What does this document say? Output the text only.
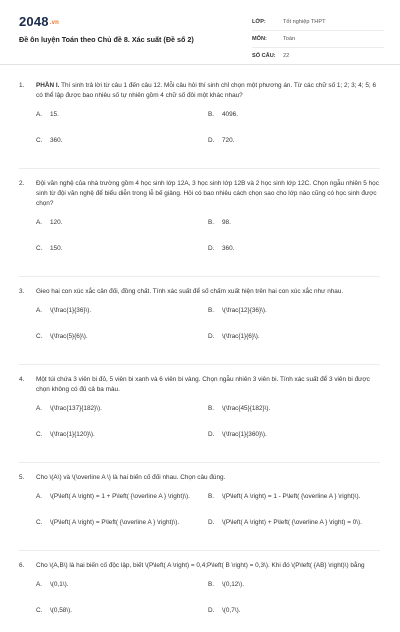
2048.vn
Đề ôn luyện Toán theo Chủ đề 8. Xác suất (Đề số 2)
LỚP:	Tốt nghiệp THPT
MÔN:	Toán
SỐ CÂU:	22
1.	PHẦN I. Thí sinh trả lời từ câu 1 đến câu 12. Mỗi câu hỏi thí sinh chỉ chọn một phương án. Từ các chữ số 1; 2; 3; 4; 5; 6 có thể lập được bao nhiêu số tự nhiên gồm 4 chữ số đôi một khác nhau?
A.	15.	B.	4096.
C.	360.	D.	720.
2.	Đội văn nghệ của nhà trường gồm 4 học sinh lớp 12A, 3 học sinh lớp 12B và 2 học sinh lớp 12C. Chọn ngẫu nhiên 5 học sinh từ đội văn nghệ để biểu diễn trong lễ bế giảng. Hỏi có bao nhiêu cách chọn sao cho lớp nào cũng có học sinh được chọn?
A.	120.	B.	98.
C.	150.	D.	360.
3.	Gieo hai con xúc xắc cân đối, đồng chất. Tính xác suất để số chấm xuất hiện trên hai con xúc xắc như nhau.
A.	\(\frac{1}{36}\).	B.	\(\frac{12}{36}\).
C.	\(\frac{5}{6}\).	D.	\(\frac{1}{6}\).
4.	Một túi chứa 3 viên bi đỏ, 5 viên bi xanh và 6 viên bi vàng. Chọn ngẫu nhiên 3 viên bi. Tính xác suất để 3 viên bi được chọn không có đủ cả ba màu.
A.	\(\frac{137}{182}\).	B.	\(\frac{45}{182}\).
C.	\(\frac{1}{120}\).	D.	\(\frac{1}{360}\).
5.	Cho \(A\) và \(\overline A \) là hai biến cố đối nhau. Chọn câu đúng.
A.	\(P\left( A \right) = 1 + P\left( {\overline A } \right)\).	B.	\(P\left( A \right) = 1 - P\left( {\overline A } \right)\).
C.	\(P\left( A \right) = P\left( {\overline A } \right)\).	D.	\(P\left( A \right) + P\left( {\overline A } \right) = 0\).
6.	Cho \(A,B\) là hai biến cố độc lập, biết \(P\left( A \right) = 0,4;P\left( B \right) = 0,3\). Khi đó \(P\left( {AB} \right)\) bằng
A.	\(0,1\).	B.	\(0,12\).
C.	\(0,58\).	D.	\(0,7\).
